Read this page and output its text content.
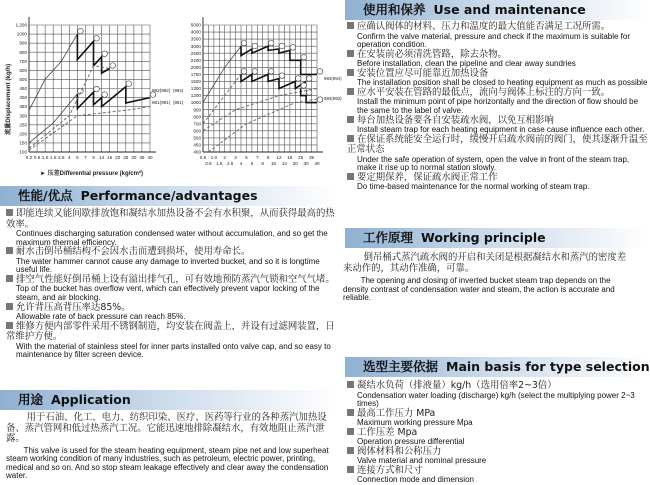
0.2 0.5 1.0 1.5 2.5 4 5 7 9 14 16 20 25 30 35 40
100
150
200
250
300
350
400
450
500
600
700
800
900
1000
1,200
流量Displacement (kg/h)
► 压差Differential pressure (kg/cm²)
982(992)
981(991)
0.5
0.8
1.0
1.5
2
2.5
3
4
5
6
7
8
9
10
12
14
16
20
25
30
35
40
400
450
500
600
700
800
900
1000
1200
1300
1500
1750
2000
2200
2500
3000
3500
4000
5000
(992)
(991)
984(994)
983(993)
性能/优点 Performance/advantages
即能连续又能间歇排放饱和凝结水加热设备不会有水积聚，从而获得最高的热效率。
Continues discharging saturation condensed water without accumulation, and so get the maximum thermal efficiency.
耐水击倒吊桶结构不会因水击而遭到损坏，使用寿命长。
The water hammer cannot cause any damage to inverted bucket, and so it is longtime useful life.
排空气性能好倒吊桶上设有溢出排气孔，可有效地预防蒸汽气锁和空气气堵。
Top of the bucket has overflow vent, which can effectively prevent vapor locking of the steam, and air blocking.
允许背压高背压率达85%。
Allowable rate of back pressure can reach 85%.
维修方便内部零件采用不锈钢制造，均安装在阀盖上，并设有过滤网装置，日常维护方便。
With the material of stainless steel for inner parts installed onto valve cap, and so easy to maintenance by filter screen device.
用途 Application
用于石油、化工、电力、纺织印染、医疗、医药等行业的各种蒸汽加热设备、蒸汽管网和低过热蒸汽工况。它能迅速地排除凝结水，有效地阻止蒸汽泄露。
This valve is used for the steam heating equipment, steam pipe net and low superheat steam working condition of many industries, such as petroleum, electric power, printing, medical and so on. And so stop steam leakage effectively and clear away the condensation water.
使用和保养 Use and maintenance
应确认阀体的材料、压力和温度的最大值能否满足工况所需。
Confirm the valve material, pressure and check if the maximum is suitable for operation condition.
在安装前必须清洗管路，除去杂物。
Before installation, clean the pipeline and clear away sundries
安装位置应尽可能靠近加热设备
The installation position shall be closed to heating equipment as much as possible
应水平安装在管路的最低点，流向与阀体上标注的方向一致。
Install the minimum point of pipe horizontally and the direction of flow should be the same to the label of valve.
每台加热设备要各自安装疏水阀，以免互相影响
Install steam trap for each heating equipment in case cause influence each other.
在保证系统能安全运行时，缓慢开启疏水阀前的阀门，使其逐渐升温至正常状态
Under the safe operation of system, open the valve in front of the steam trap, make it rise up to normal station slowly.
要定期保养，保证疏水阀正常工作
Do time-based maintenance for the normal working of steam trap.
工作原理 Working principle
倒吊桶式蒸汽疏水阀的开启和关闭是根据凝结水和蒸汽的密度差来动作的，其动作准确，可靠。
The opening and closing of inverted bucket steam trap depends on the density contrast of condensation water and steam, the action is accurate and reliable.
选型主要依据 Main basis for type selection
凝结水负荷（排液量）kg/h（选用倍率2~3倍）
Condensation water loading (discharge) kg/h (select the multiplying power 2~3 times)
最高工作压力 MPa
Maximum working pressure Mpa
工作压差 Mpa
Operation pressure differential
阀体材料和公称压力
Valve material and nominal pressure
连接方式和尺寸
Connection mode and dimension
